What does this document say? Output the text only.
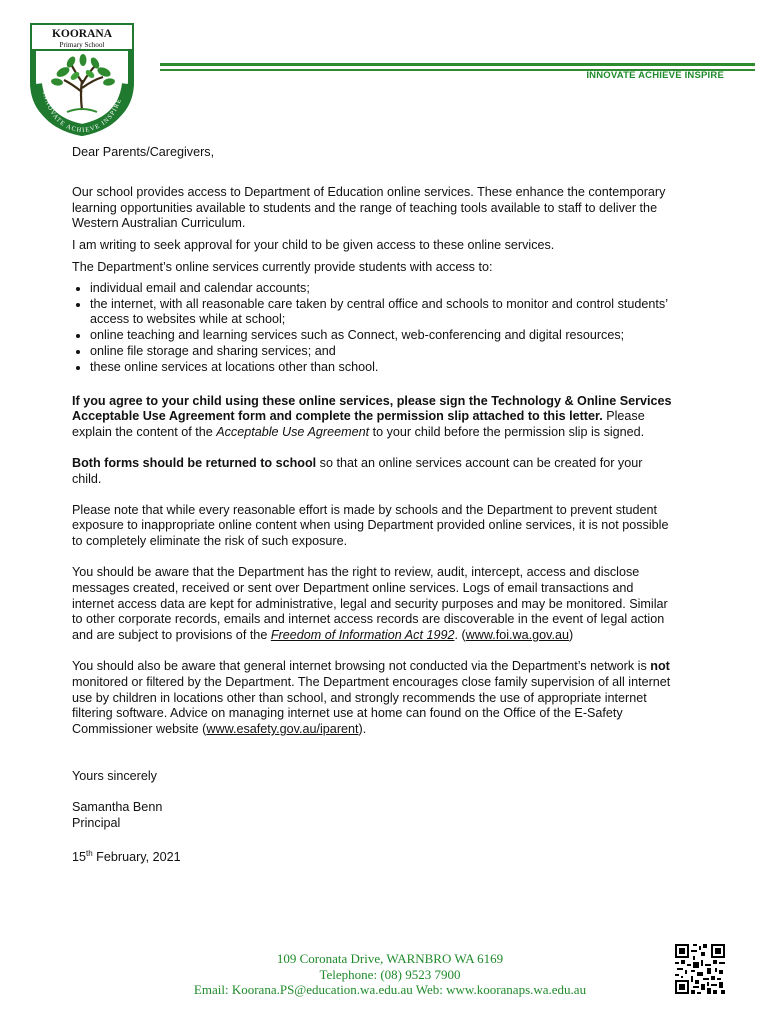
KOORANA
Primary School
INNOVATE ACHIEVE INSPIRE
INNOVATE ACHIEVE INSPIRE

Dear Parents/Caregivers,

Our school provides access to Department of Education online services. These enhance the contemporary learning opportunities available to students and the range of teaching tools available to staff to deliver the Western Australian Curriculum.

I am writing to seek approval for your child to be given access to these online services.

The Department’s online services currently provide students with access to:

• individual email and calendar accounts;
• the internet, with all reasonable care taken by central office and schools to monitor and control students’ access to websites while at school;
• online teaching and learning services such as Connect, web-conferencing and digital resources;
• online file storage and sharing services; and
• these online services at locations other than school.

If you agree to your child using these online services, please sign the Technology & Online Services Acceptable Use Agreement form and complete the permission slip attached to this letter. Please explain the content of the Acceptable Use Agreement to your child before the permission slip is signed.

Both forms should be returned to school so that an online services account can be created for your child.

Please note that while every reasonable effort is made by schools and the Department to prevent student exposure to inappropriate online content when using Department provided online services, it is not possible to completely eliminate the risk of such exposure.

You should be aware that the Department has the right to review, audit, intercept, access and disclose messages created, received or sent over Department online services. Logs of email transactions and internet access data are kept for administrative, legal and security purposes and may be monitored. Similar to other corporate records, emails and internet access records are discoverable in the event of legal action and are subject to provisions of the Freedom of Information Act 1992. (www.foi.wa.gov.au)

You should also be aware that general internet browsing not conducted via the Department’s network is not monitored or filtered by the Department. The Department encourages close family supervision of all internet use by children in locations other than school, and strongly recommends the use of appropriate internet filtering software. Advice on managing internet use at home can found on the Office of the E-Safety Commissioner website (www.esafety.gov.au/iparent).

Yours sincerely

Samantha Benn

Principal

15th February, 2021

109 Coronata Drive, WARNBRO WA 6169
Telephone: (08) 9523 7900
Email: Koorana.PS@education.wa.edu.au Web: www.kooranaps.wa.edu.au
